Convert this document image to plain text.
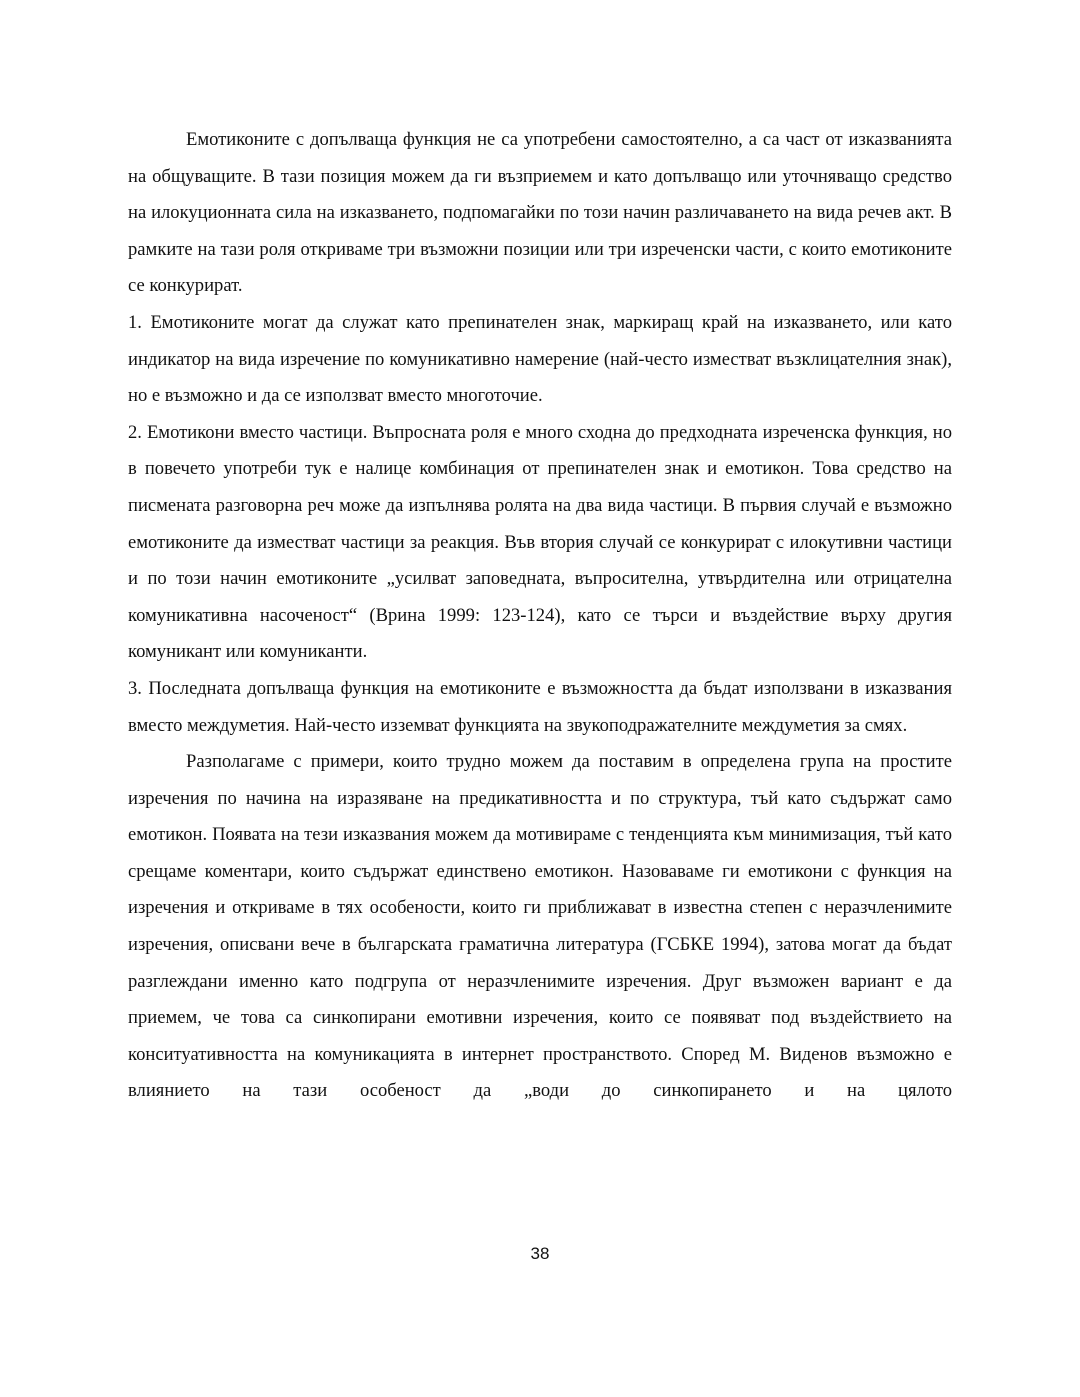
Емотиконите с допълваща функция не са употребени самостоятелно, а са част от изказванията на общуващите. В тази позиция можем да ги възприемем и като допълващо или уточняващо средство на илокуционната сила на изказването, подпомагайки по този начин различаването на вида речев акт. В рамките на тази роля откриваме три възможни позиции или три изреченски части, с които емотиконите се конкурират.

1. Емотиконите могат да служат като препинателен знак, маркиращ край на изказването, или като индикатор на вида изречение по комуникативно намерение (най-често изместват възклицателния знак), но е възможно и да се използват вместо многоточие.

2. Емотикони вместо частици. Въпросната роля е много сходна до предходната изреченска функция, но в повечето употреби тук е налице комбинация от препинателен знак и емотикон. Това средство на писмената разговорна реч може да изпълнява ролята на два вида частици. В първия случай е възможно емотиконите да изместват частици за реакция. Във втория случай се конкурират с илокутивни частици и по този начин емотиконите „усилват заповедната, въпросителна, утвърдителна или отрицателна комуникативна насоченост“ (Врина 1999: 123-124), като се търси и въздействие върху другия комуникант или комуниканти.

3. Последната допълваща функция на емотиконите е възможността да бъдат използвани в изказвания вместо междуметия. Най-често изземват функцията на звукоподражателните междуметия за смях.

Разполагаме с примери, които трудно можем да поставим в определена група на простите изречения по начина на изразяване на предикативността и по структура, тъй като съдържат само емотикон. Появата на тези изказвания можем да мотивираме с тенденцията към минимизация, тъй като срещаме коментари, които съдържат единствено емотикон. Назоваваме ги емотикони с функция на изречения и откриваме в тях особености, които ги приближават в известна степен с неразчленимите изречения, описвани вече в българската граматична литература (ГСБКЕ 1994), затова могат да бъдат разглеждани именно като подгрупа от неразчленимите изречения. Друг възможен вариант е да приемем, че това са синкопирани емотивни изречения, които се появяват под въздействието на конситуативността на комуникацията в интернет пространството. Според М. Виденов възможно е влиянието на тази особеност да „води до синкопирането и на цялото

38
